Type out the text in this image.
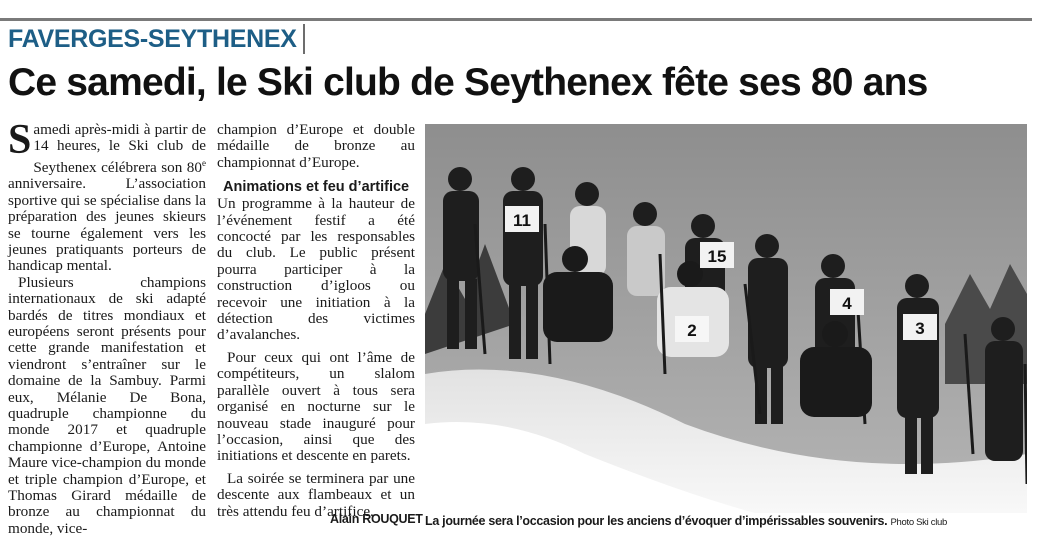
FAVERGES-SEYTHENEX
Ce samedi, le Ski club de Seythenex fête ses 80 ans

Samedi après-midi à partir de 14 heures, le Ski club de Seythenex célébrera son 80e anniversaire. L’association sportive qui se spécialise dans la préparation des jeunes skieurs se tourne également vers les jeunes pratiquants porteurs de handicap mental.

Plusieurs champions internationaux de ski adapté bardés de titres mondiaux et européens seront présents pour cette grande manifestation et viendront s’entraîner sur le domaine de la Sambuy. Parmi eux, Mélanie De Bona, quadruple championne du monde 2017 et quadruple championne d’Europe, Antoine Maure vice-champion du monde et triple champion d’Europe, et Thomas Girard médaille de bronze au championnat du monde, vice-

champion d’Europe et double médaille de bronze au championnat d’Europe.

Animations et feu d’artifice

Un programme à la hauteur de l’événement festif a été concocté par les responsables du club. Le public présent pourra participer à la construction d’igloos ou recevoir une initiation à la détection des victimes d’avalanches.

Pour ceux qui ont l’âme de compétiteurs, un slalom parallèle ouvert à tous sera organisé en nocturne sur le nouveau stade inauguré pour l’occasion, ainsi que des initiations et descente en parets.

La soirée se terminera par une descente aux flambeaux et un très attendu feu d’artifice.

Alain ROUQUET
11
15
2
4
3
La journée sera l’occasion pour les anciens d’évoquer d’impérissables souvenirs. Photo Ski club
